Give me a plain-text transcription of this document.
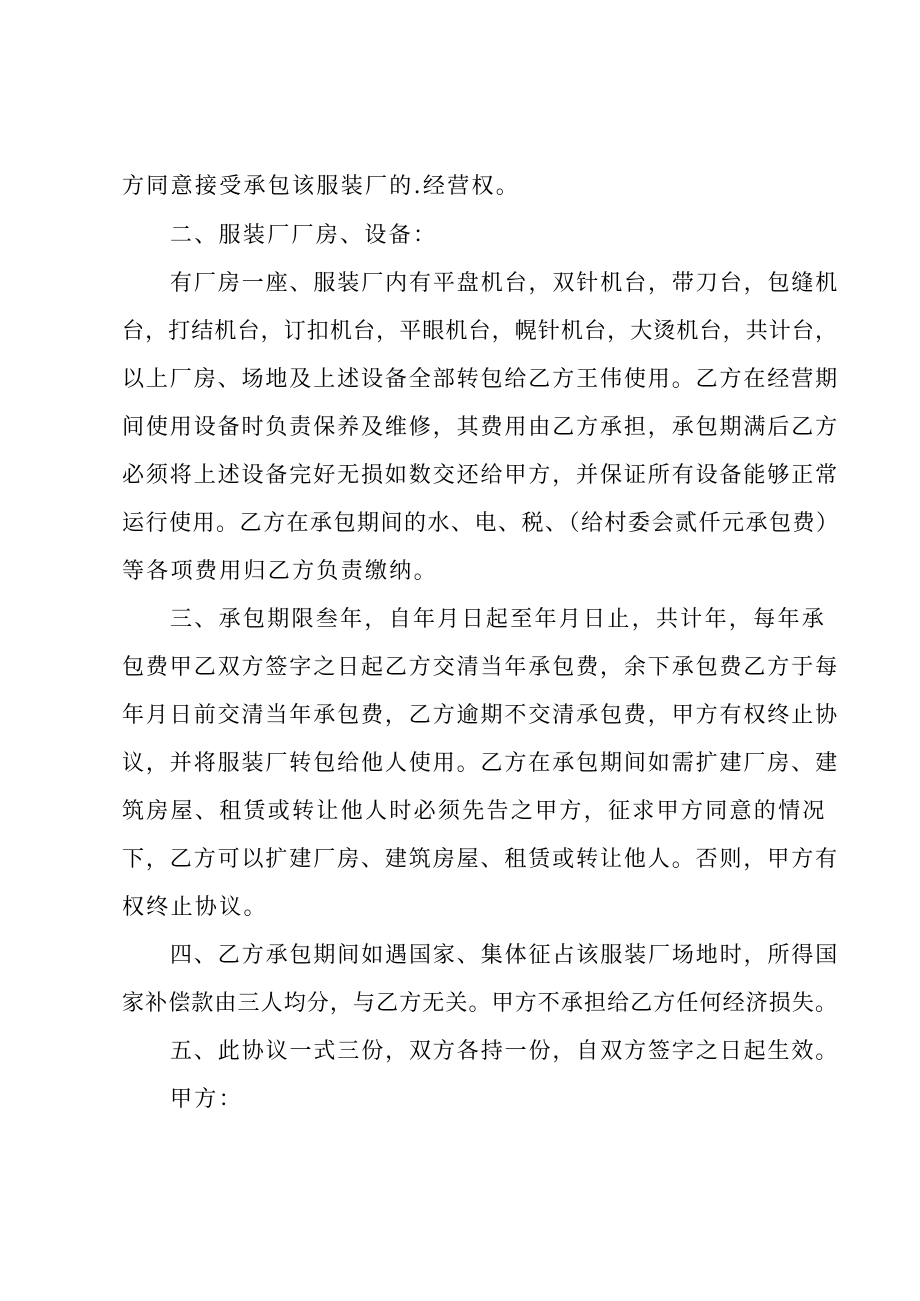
方同意接受承包该服装厂的.经营权。
二、服装厂厂房、设备：
有厂房一座、服装厂内有平盘机台，双针机台，带刀台，包缝机
台，打结机台，订扣机台，平眼机台，幌针机台，大烫机台，共计台，
以上厂房、场地及上述设备全部转包给乙方王伟使用。乙方在经营期
间使用设备时负责保养及维修，其费用由乙方承担，承包期满后乙方
必须将上述设备完好无损如数交还给甲方，并保证所有设备能够正常
运行使用。乙方在承包期间的水、电、税、（给村委会贰仟元承包费）
等各项费用归乙方负责缴纳。
三、承包期限叁年，自年月日起至年月日止，共计年，每年承
包费甲乙双方签字之日起乙方交清当年承包费，余下承包费乙方于每
年月日前交清当年承包费，乙方逾期不交清承包费，甲方有权终止协
议，并将服装厂转包给他人使用。乙方在承包期间如需扩建厂房、建
筑房屋、租赁或转让他人时必须先告之甲方，征求甲方同意的情况
下，乙方可以扩建厂房、建筑房屋、租赁或转让他人。否则，甲方有
权终止协议。
四、乙方承包期间如遇国家、集体征占该服装厂场地时，所得国
家补偿款由三人均分，与乙方无关。甲方不承担给乙方任何经济损失。
五、此协议一式三份，双方各持一份，自双方签字之日起生效。
甲方：
